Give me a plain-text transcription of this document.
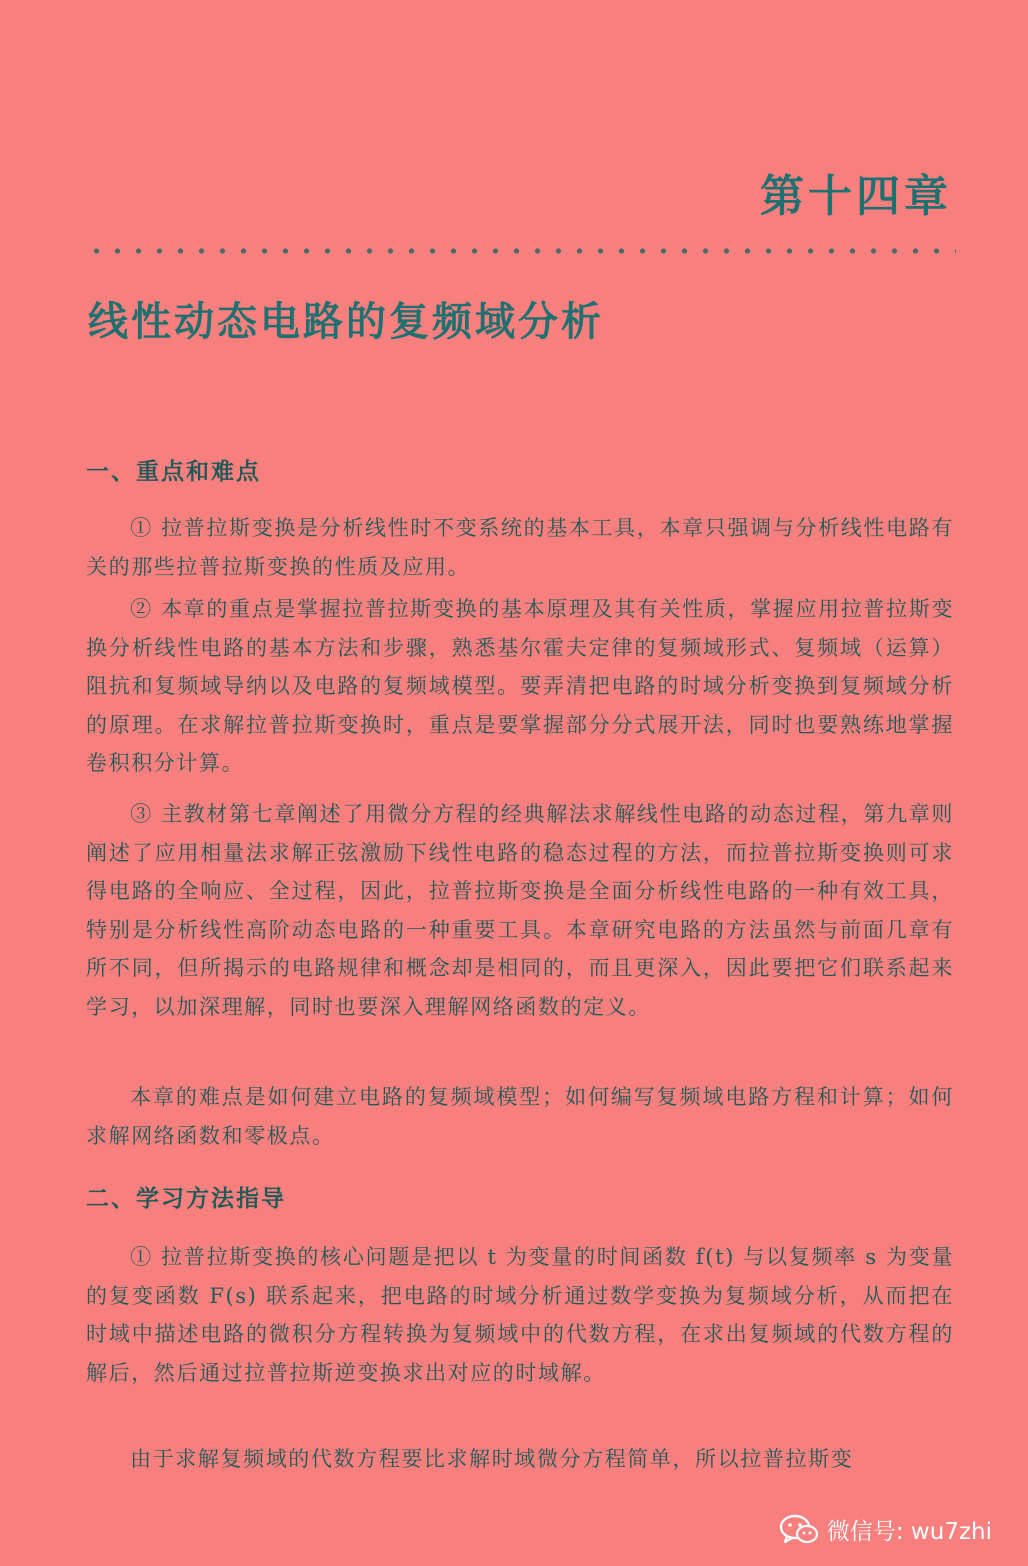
第十四章
线性动态电路的复频域分析
一、重点和难点

① 拉普拉斯变换是分析线性时不变系统的基本工具，本章只强调与分析线性电路有关的那些拉普拉斯变换的性质及应用。

② 本章的重点是掌握拉普拉斯变换的基本原理及其有关性质，掌握应用拉普拉斯变换分析线性电路的基本方法和步骤，熟悉基尔霍夫定律的复频域形式、复频域（运算）阻抗和复频域导纳以及电路的复频域模型。要弄清把电路的时域分析变换到复频域分析的原理。在求解拉普拉斯变换时，重点是要掌握部分分式展开法，同时也要熟练地掌握卷积积分计算。

③ 主教材第七章阐述了用微分方程的经典解法求解线性电路的动态过程，第九章则阐述了应用相量法求解正弦激励下线性电路的稳态过程的方法，而拉普拉斯变换则可求得电路的全响应、全过程，因此，拉普拉斯变换是全面分析线性电路的一种有效工具，特别是分析线性高阶动态电路的一种重要工具。本章研究电路的方法虽然与前面几章有所不同，但所揭示的电路规律和概念却是相同的，而且更深入，因此要把它们联系起来学习，以加深理解，同时也要深入理解网络函数的定义。

本章的难点是如何建立电路的复频域模型；如何编写复频域电路方程和计算；如何求解网络函数和零极点。

二、学习方法指导

① 拉普拉斯变换的核心问题是把以 t 为变量的时间函数 f(t) 与以复频率 s 为变量的复变函数 F(s) 联系起来，把电路的时域分析通过数学变换为复频域分析，从而把在时域中描述电路的微积分方程转换为复频域中的代数方程，在求出复频域的代数方程的解后，然后通过拉普拉斯逆变换求出对应的时域解。

由于求解复频域的代数方程要比求解时域微分方程简单，所以拉普拉斯变

微信号: wu7zhi
